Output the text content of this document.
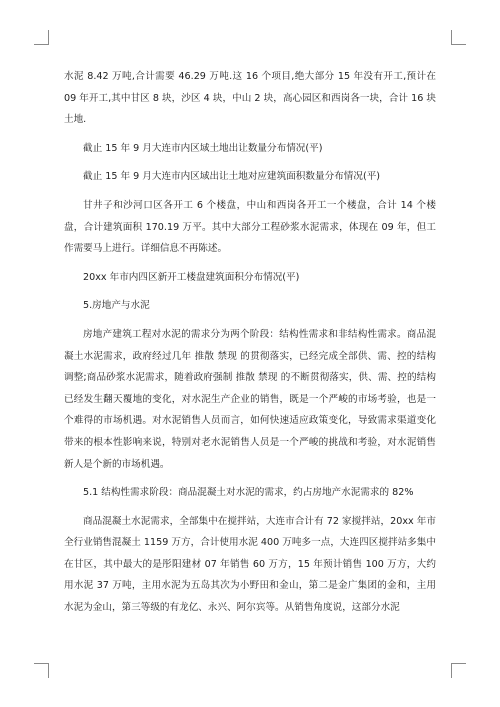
水泥 8.42 万吨,合计需要 46.29 万吨.这 16 个项目,绝大部分 15 年没有开工,预计在 09 年开工,其中甘区 8 块，沙区 4 块，中山 2 块，高心园区和西岗各一块，合计 16 块土地.

截止 15 年 9 月大连市内区域土地出让数量分布情况(平)

截止 15 年 9 月大连市内区域出让土地对应建筑面积数量分布情况(平)

甘井子和沙河口区各开工 6 个楼盘，中山和西岗各开工一个楼盘，合计 14 个楼盘，合计建筑面积 170.19 万平。其中大部分工程砂浆水泥需求，体现在 09 年，但工作需要马上进行。详细信息不再陈述。

20xx 年市内四区新开工楼盘建筑面积分布情况(平)

5.房地产与水泥

房地产建筑工程对水泥的需求分为两个阶段：结构性需求和非结构性需求。商品混凝土水泥需求，政府经过几年 推散 禁现 的贯彻落实，已经完成全部供、需、控的结构调整;商品砂浆水泥需求，随着政府强制 推散 禁现 的不断贯彻落实，供、需、控的结构已经发生翻天覆地的变化，对水泥生产企业的销售，既是一个严峻的市场考验，也是一个难得的市场机遇。对水泥销售人员而言，如何快速适应政策变化，导致需求渠道变化带来的根本性影响来说，特别对老水泥销售人员是一个严峻的挑战和考验，对水泥销售新人是个新的市场机遇。

5.1 结构性需求阶段：商品混凝土对水泥的需求，约占房地产水泥需求的 82%

商品混凝土水泥需求，全部集中在搅拌站，大连市合计有 72 家搅拌站，20xx 年市全行业销售混凝土 1159 万方，合计使用水泥 400 万吨多一点，大连四区搅拌站多集中在甘区，其中最大的是彤阳建材 07 年销售 60 万方，15 年预计销售 100 万方，大约用水泥 37 万吨，主用水泥为五岛其次为小野田和金山，第二是金广集团的金和，主用水泥为金山，第三等级的有龙亿、永兴、阿尔宾等。从销售角度说，这部分水泥
